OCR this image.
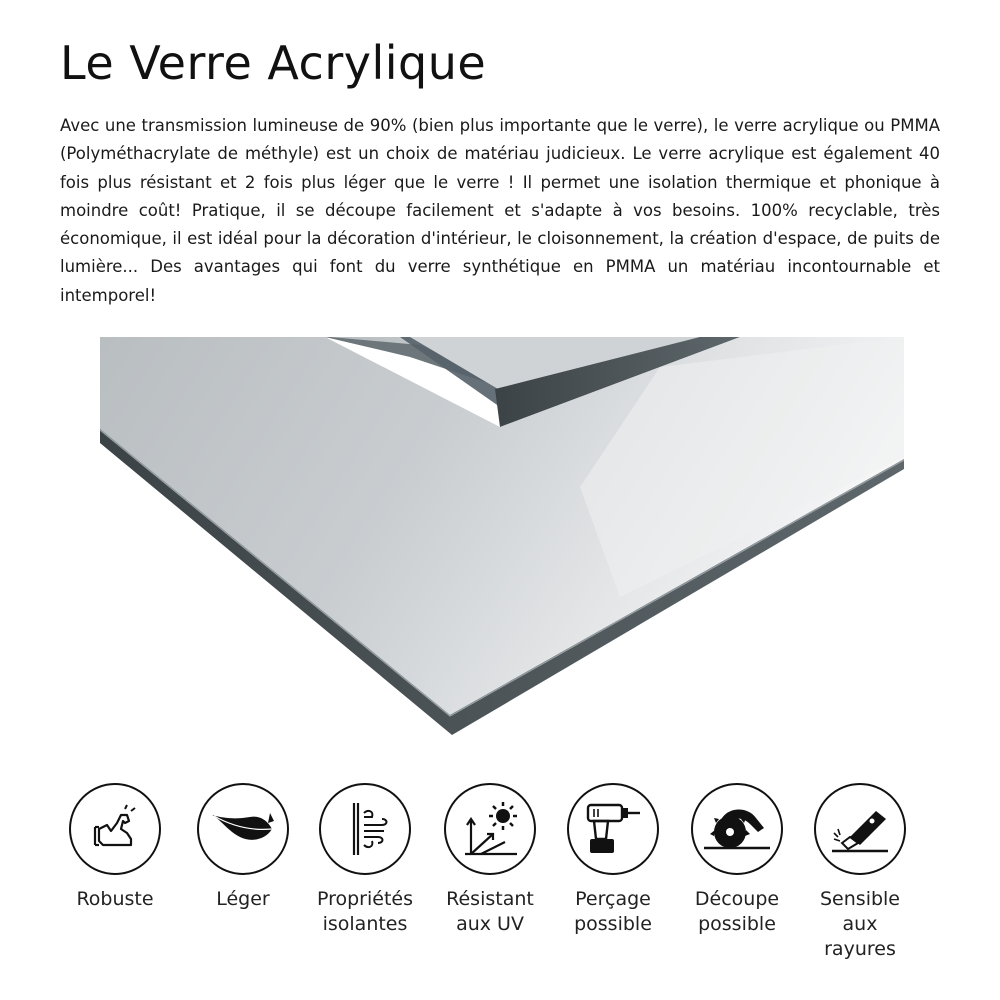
Le Verre Acrylique

Avec une transmission lumineuse de 90% (bien plus importante que le verre), le verre acrylique ou PMMA (Polyméthacrylate de méthyle) est un choix de matériau judicieux. Le verre acrylique est également 40 fois plus résistant et 2 fois plus léger que le verre ! Il permet une isolation thermique et phonique à moindre coût! Pratique, il se découpe facilement et s'adapte à vos besoins. 100% recyclable, très économique, il est idéal pour la décoration d'intérieur, le cloisonnement, la création d'espace, de puits de lumière... Des avantages qui font du verre synthétique en PMMA un matériau incontournable et intemporel!

Robuste	Léger	Propriétés
isolantes
Résistant
aux UV
Perçage
possible
Découpe
possible
Sensible
aux rayures
